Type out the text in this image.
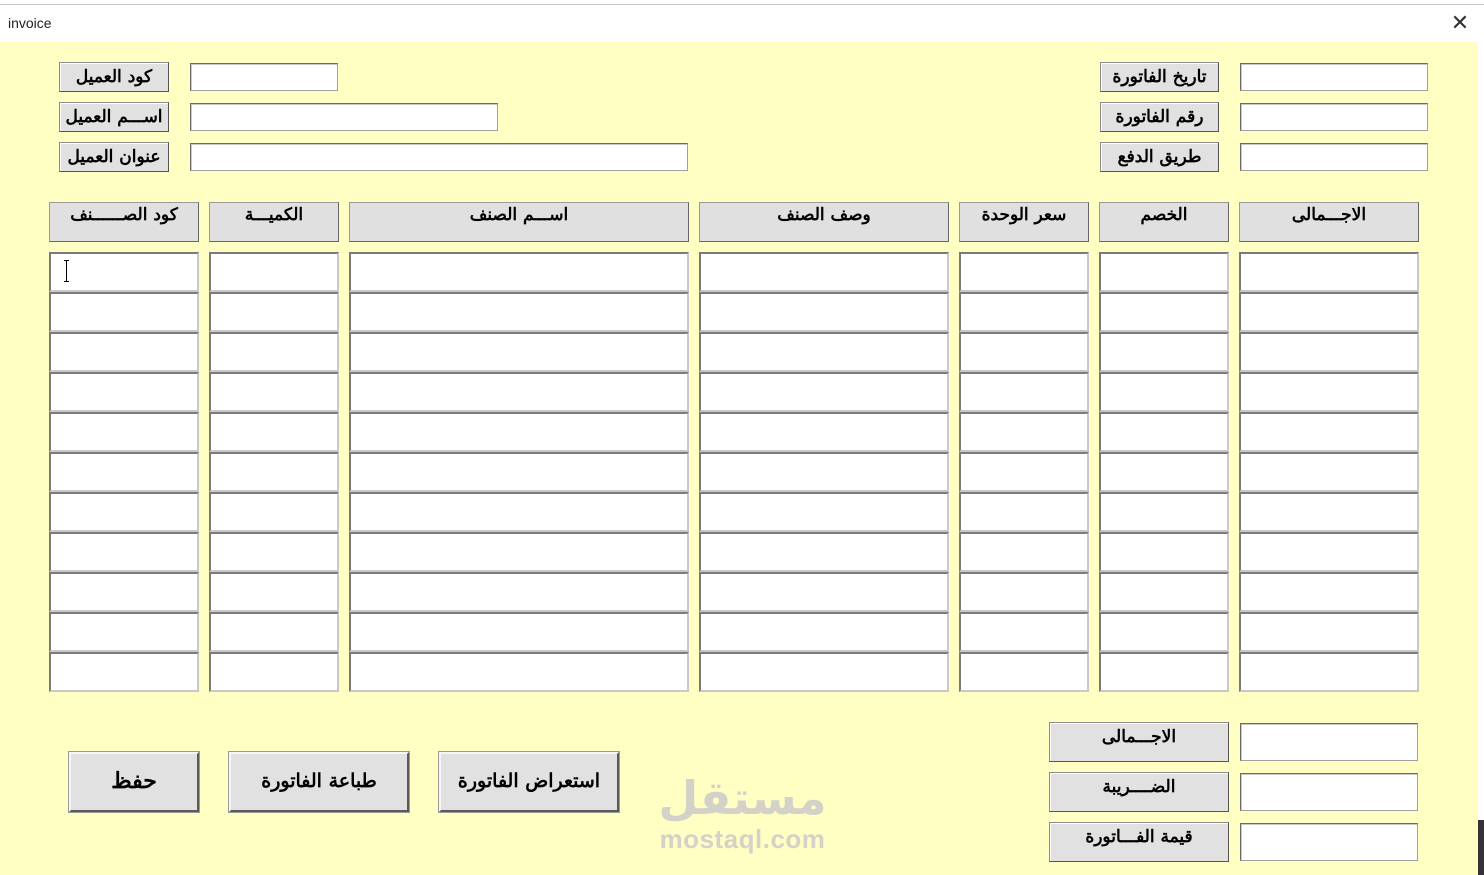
invoice	✕
كود العميل
اســـم العميل
عنوان العميل
تاريخ الفاتورة
رقم الفاتورة
طريق الدفع
كود الصــــــنف	الكميـــة	اســـم الصنف	وصف الصنف	سعر الوحدة	الخصم	الاجـــمالى
الاجـــمالى
الضــــريبة
قيمة الفـــاتورة
حفظ	طباعة الفاتورة	استعراض الفاتورة	مستقل
mostaql.com
